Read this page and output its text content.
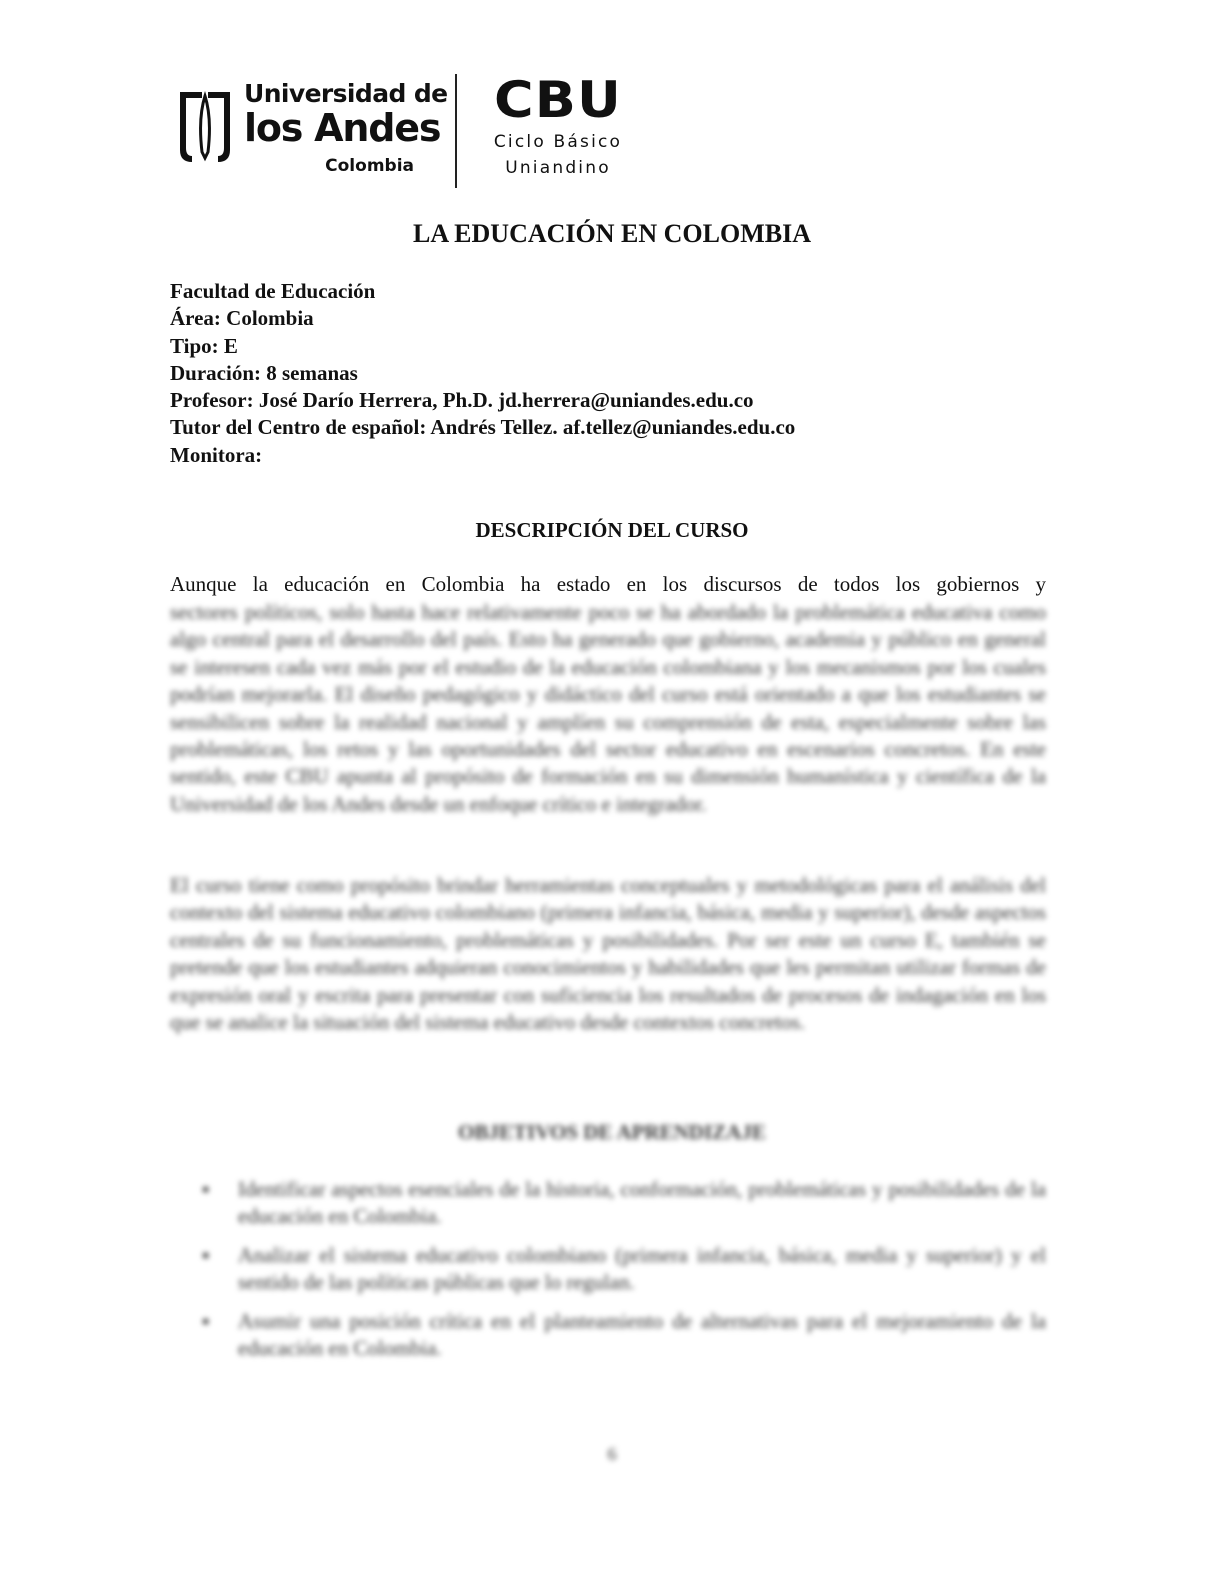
Universidad de
los Andes
Colombia
CBU
Ciclo Básico
Uniandino
LA EDUCACIÓN EN COLOMBIA
Facultad de Educación
Área: Colombia
Tipo: E
Duración: 8 semanas
Profesor: José Darío Herrera, Ph.D. jd.herrera@uniandes.edu.co
Tutor del Centro de español: Andrés Tellez. af.tellez@uniandes.edu.co
Monitora:
DESCRIPCIÓN DEL CURSO

Aunque la educación en Colombia ha estado en los discursos de todos los gobiernos y

sectores políticos, solo hasta hace relativamente poco se ha abordado la problemática educativa como algo central para el desarrollo del país. Esto ha generado que gobierno, academia y público en general se interesen cada vez más por el estudio de la educación colombiana y los mecanismos por los cuales podrían mejorarla. El diseño pedagógico y didáctico del curso está orientado a que los estudiantes se sensibilicen sobre la realidad nacional y amplíen su comprensión de esta, especialmente sobre las problemáticas, los retos y las oportunidades del sector educativo en escenarios concretos. En este sentido, este CBU apunta al propósito de formación en su dimensión humanística y científica de la Universidad de los Andes desde un enfoque crítico e integrador.

El curso tiene como propósito brindar herramientas conceptuales y metodológicas para el análisis del contexto del sistema educativo colombiano (primera infancia, básica, media y superior), desde aspectos centrales de su funcionamiento, problemáticas y posibilidades. Por ser este un curso E, también se pretende que los estudiantes adquieran conocimientos y habilidades que les permitan utilizar formas de expresión oral y escrita para presentar con suficiencia los resultados de procesos de indagación en los que se analice la situación del sistema educativo desde contextos concretos.

OBJETIVOS DE APRENDIZAJE
▪ Identificar aspectos esenciales de la historia, conformación, problemáticas y posibilidades de la educación en Colombia.
▪ Analizar el sistema educativo colombiano (primera infancia, básica, media y superior) y el sentido de las políticas públicas que lo regulan.
▪ Asumir una posición crítica en el planteamiento de alternativas para el mejoramiento de la educación en Colombia.
6
